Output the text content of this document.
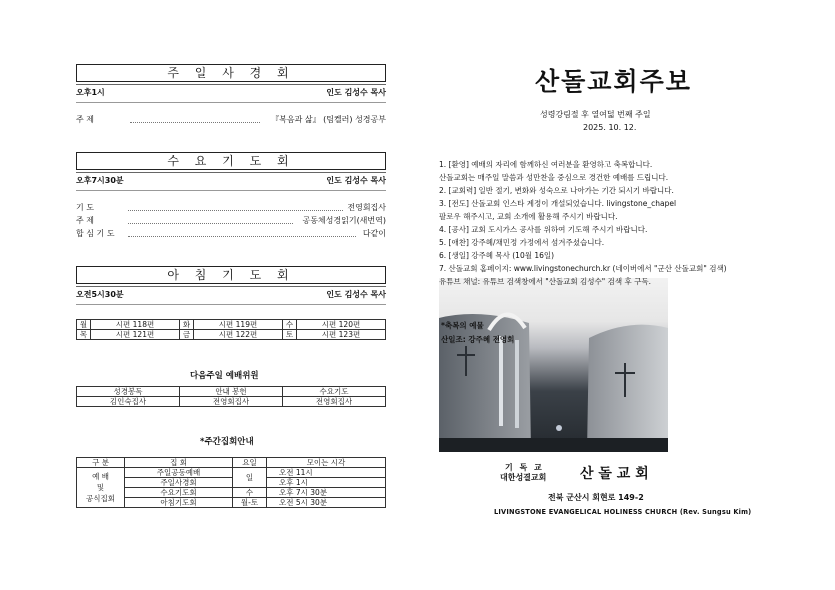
주 일 사 경 회
오후1시	인도 김성수 목사
주 제	『복음과 삶』 (팀켈러) 성경공부
수 요 기 도 회
오후7시30분	인도 김성수 목사
기 도	전영회집사
주 제	공동체성경읽기(새번역)
합 심 기 도	다같이
아 침 기 도 회
오전5시30분	인도 김성수 목사
월	시편 118편	화	시편 119편	수	시편 120편
목	시편 121편	금	시편 122편	토	시편 123편
다음주일 예배위원
성경봉독	안내 봉헌	수요기도
김인숙집사	전영회집사	전영회집사
*주간집회안내
구 분	집 회	요일	모이는 시각
예 배
및
공식집회	주일공동예배	일	오전 11시
	주일사경회		오후 1시
	수요기도회	수	오후 7시 30분
	아침기도회	월-토	오전 5시 30분
산돌교회주보
성령강림절 후 열여덟 번째 주일
2025. 10. 12.
1. [환영] 예배의 자리에 함께하신 여러분을 환영하고 축복합니다.
산돌교회는 매주일 말씀과 성만찬을 중심으로 경건한 예배를 드립니다.
2. [교회력] 일반 절기, 변화와 성숙으로 나아가는 기간 되시기 바랍니다.
3. [전도] 산돌교회 인스타 계정이 개설되었습니다. livingstone_chapel
팔로우 해주시고, 교회 소개에 활용해 주시기 바랍니다.
4. [공사] 교회 도시가스 공사를 위하여 기도해 주시기 바랍니다.
5. [애찬] 강주혜/채민정 가정에서 섬겨주셨습니다.
6. [생일] 강주혜 목사 (10월 16일)
7. 산돌교회 홈페이지: www.livingstonechurch.kr (네이버에서 "군산 산돌교회" 검색)
유튜브 채널: 유튜브 검색창에서 "산돌교회 김성수" 검색 후 구독.
*축복의 예물
산일조: 강주혜 전영회
기 독 교
대한성결교회 산 돌 교 회
전북 군산시 회현로 149-2
LIVINGSTONE EVANGELICAL HOLINESS CHURCH (Rev. Sungsu Kim)
